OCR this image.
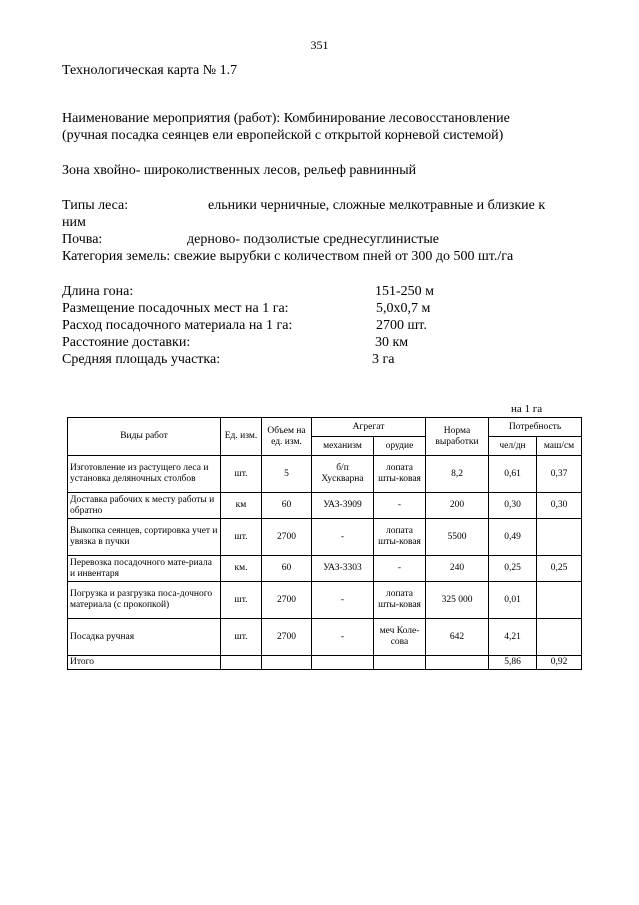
351
Технологическая карта № 1.7
Наименование мероприятия (работ): Комбинирование лесовосстановление
(ручная посадка сеянцев ели европейской с открытой корневой системой)
Зона хвойно- широколиственных лесов, рельеф равнинный
Типы леса:	ельники черничные, сложные мелкотравные и близкие к
ним
Почва:	дерново- подзолистые среднесуглинистые
Категория земель: свежие вырубки с количеством пней от 300 до 500 шт./га
Длина гона:	151-250 м
Размещение посадочных мест на 1 га:	5,0х0,7 м
Расход посадочного материала на 1 га:	2700 шт.
Расстояние доставки:	30 км
Средняя площадь участка:	3 га
на 1 га
Виды работ	Ед. изм.	Объем на ед. изм.	Агрегат		Норма выработки	Потребность	
			механизм	орудие		чел/дн	маш/см
Изготовление из растущего леса и установка деляночных столбов	шт.	5	б/п Хускварна	лопата шты-ковая	8,2	0,61	0,37
Доставка рабочих к месту работы и обратно	км	60	УАЗ-3909	-	200	0,30	0,30
Выкопка сеянцев, сортировка учет и увязка в пучки	шт.	2700	-	лопата шты-ковая	5500	0,49	
Перевозка посадочного мате-риала и инвентаря	км.	60	УАЗ-3303	-	240	0,25	0,25
Погрузка и разгрузка поса-дочного материала (с прокопкой)	шт.	2700	-	лопата шты-ковая	325 000	0,01	
Посадка ручная	шт.	2700	-	меч Коле-сова	642	4,21	
Итого						5,86	0,92
